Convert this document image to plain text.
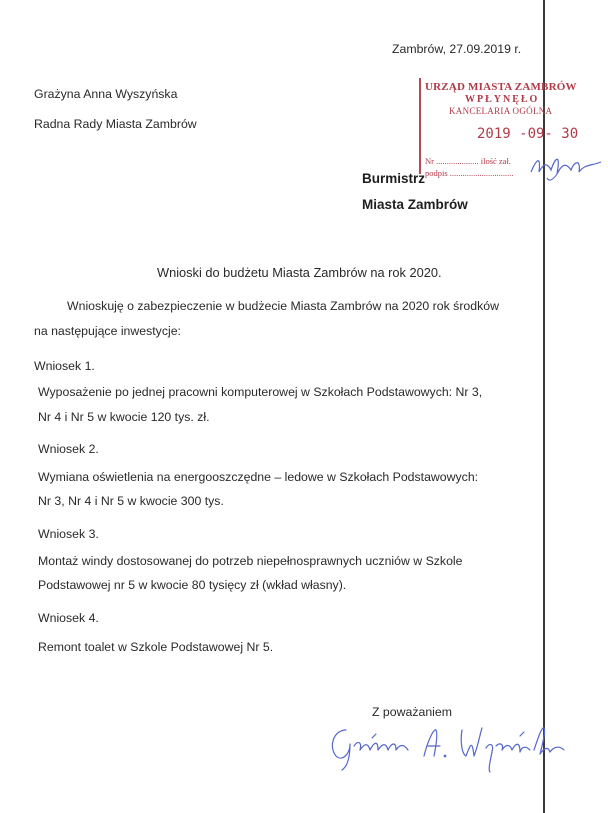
Zambrów, 27.09.2019 r.
Grażyna Anna Wyszyńska
Radna Rady Miasta Zambrów
URZĄD MIASTA ZAMBRÓW
WPŁYNĘŁO
KANCELARIA OGÓLNA
2019 -09- 30
Nr .................... ilość zał.
podpis ..............................
Burmistrz
Miasta Zambrów
Wnioski do budżetu Miasta Zambrów na rok 2020.
Wnioskuję o zabezpieczenie w budżecie Miasta Zambrów na 2020 rok środków
na następujące inwestycje:
Wniosek 1.
Wyposażenie po jednej pracowni komputerowej w Szkołach Podstawowych: Nr 3,
Nr 4 i Nr 5 w kwocie 120 tys. zł.
Wniosek 2.
Wymiana oświetlenia na energooszczędne – ledowe w Szkołach Podstawowych:
Nr 3, Nr 4 i Nr 5 w kwocie 300 tys.
Wniosek 3.
Montaż windy dostosowanej do potrzeb niepełnosprawnych uczniów w Szkole
Podstawowej nr 5 w kwocie 80 tysięcy zł (wkład własny).
Wniosek 4.
Remont toalet w Szkole Podstawowej Nr 5.
Z poważaniem
